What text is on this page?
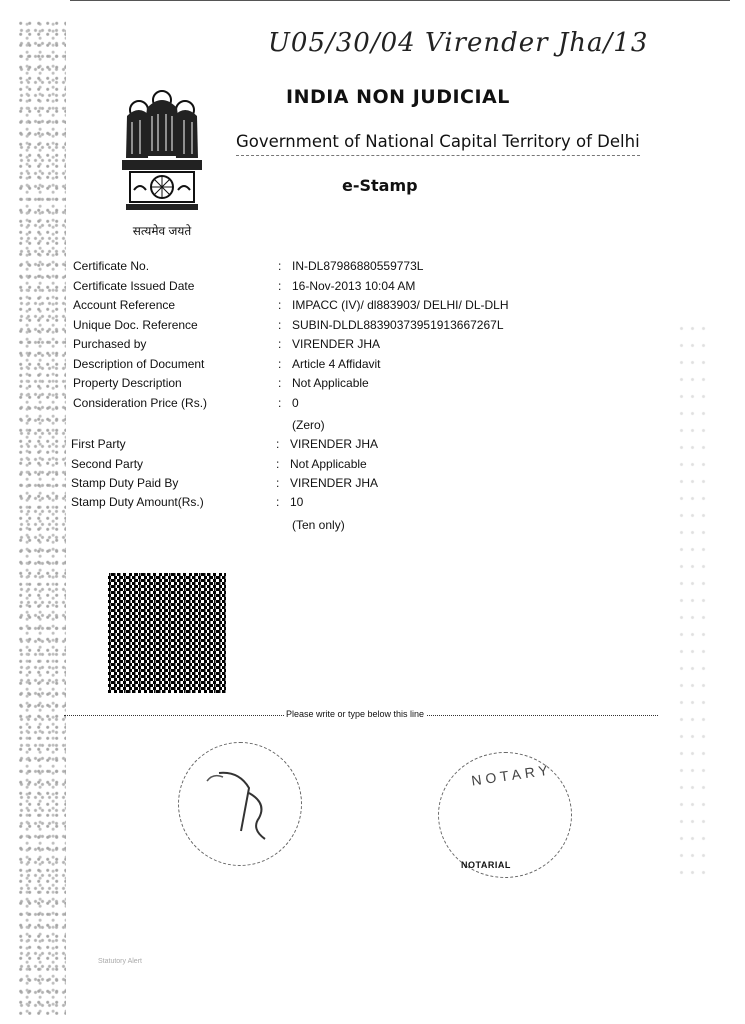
U05/30/04 Virender Jha/13
सत्यमेव जयते
INDIA NON JUDICIAL
Government of National Capital Territory of Delhi
e-Stamp
Certificate No.	: IN-DL87986880559773L
Certificate Issued Date	: 16-Nov-2013 10:04 AM
Account Reference	: IMPACC (IV)/ dl883903/ DELHI/ DL-DLH
Unique Doc. Reference	: SUBIN-DLDL88390373951913667267L
Purchased by	: VIRENDER JHA
Description of Document	: Article 4 Affidavit
Property Description	: Not Applicable
Consideration Price (Rs.)	: 0
(Zero)
First Party	: VIRENDER JHA
Second Party	: Not Applicable
Stamp Duty Paid By	: VIRENDER JHA
Stamp Duty Amount(Rs.)	: 10
(Ten only)
Please write or type below this line
NOTARY
NOTARIAL
Statutory Alert
